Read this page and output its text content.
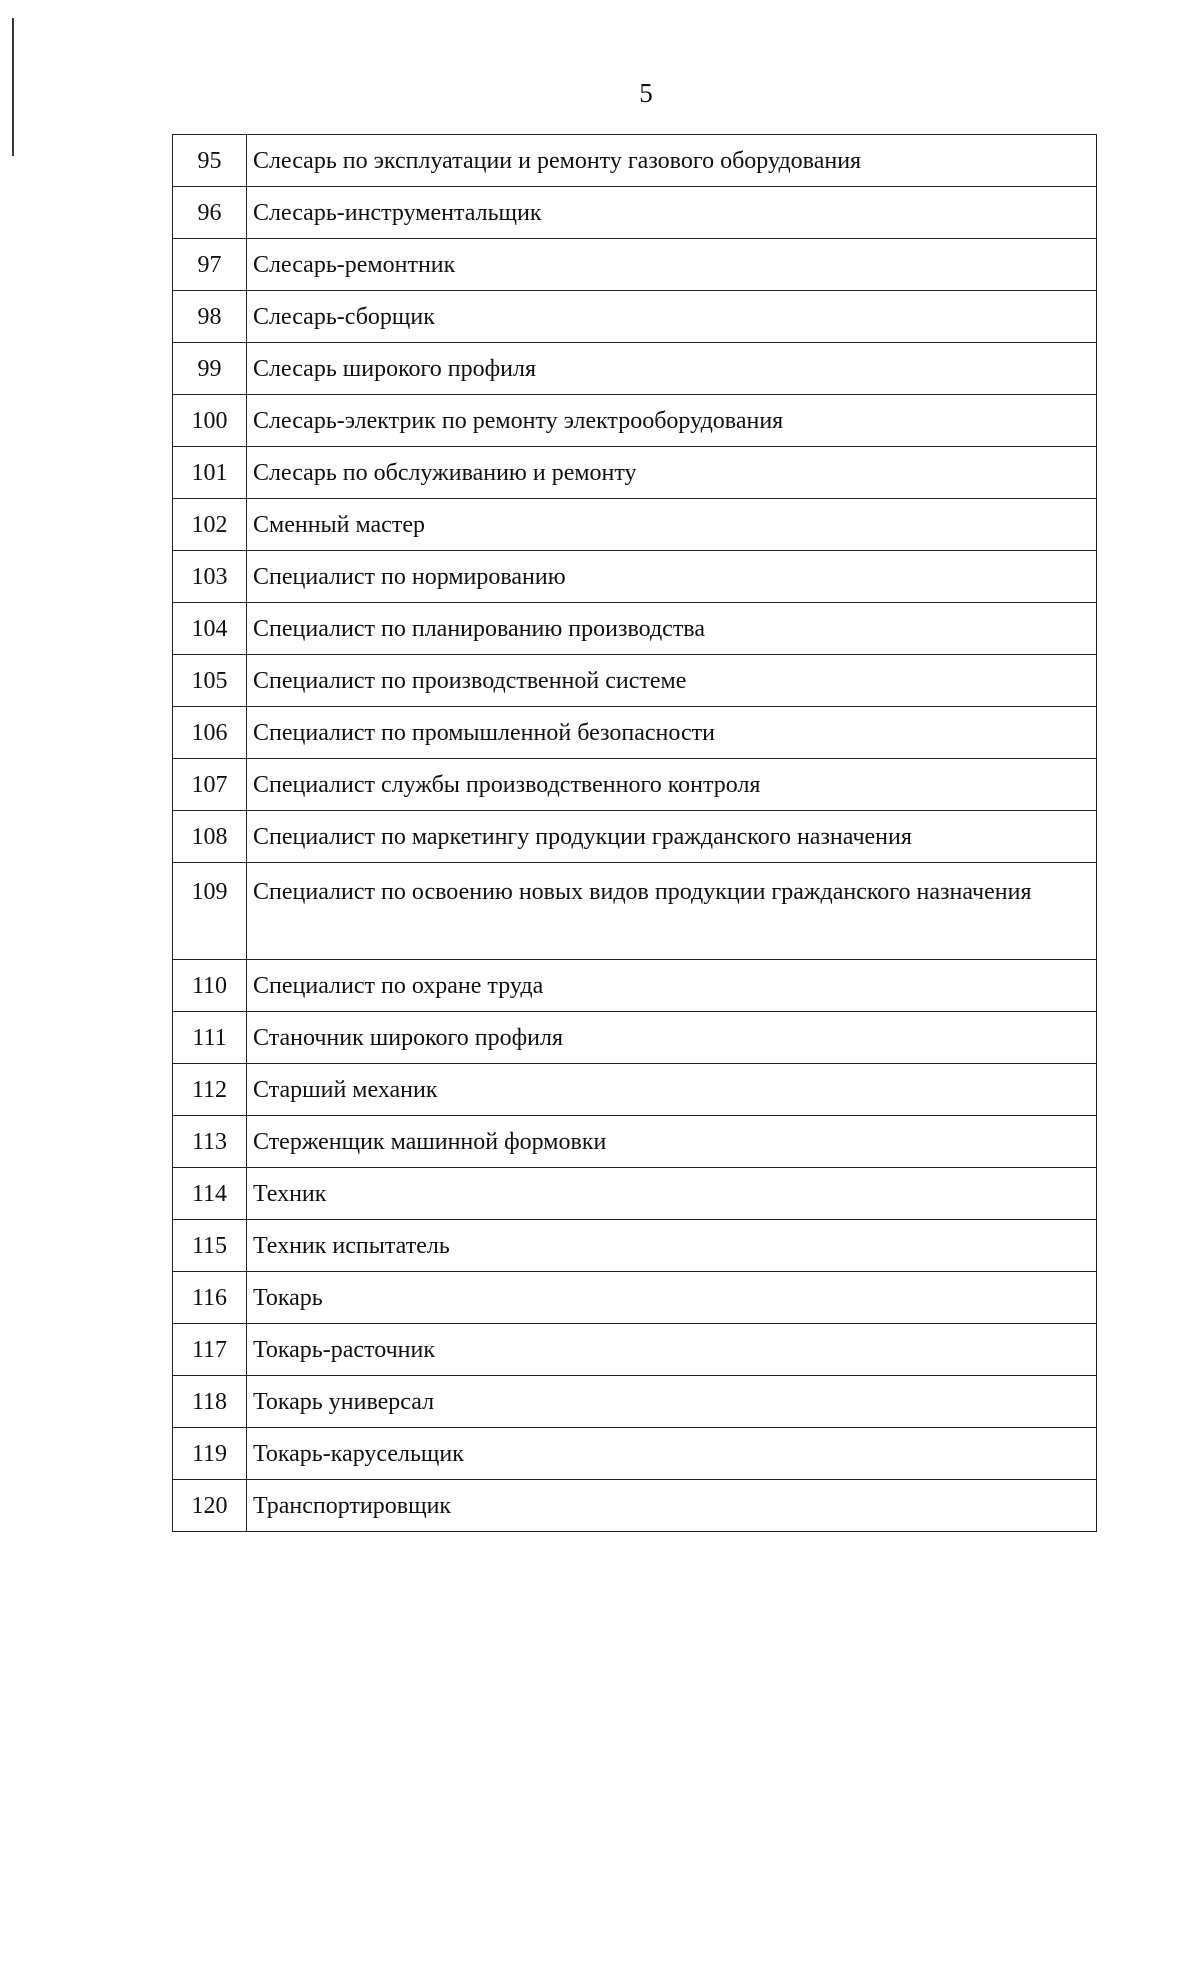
5
95	Слесарь по эксплуатации и ремонту газового оборудования
96	Слесарь-инструментальщик
97	Слесарь-ремонтник
98	Слесарь-сборщик
99	Слесарь широкого профиля
100	Слесарь-электрик по ремонту электрооборудования
101	Слесарь по обслуживанию и ремонту
102	Сменный мастер
103	Специалист по нормированию
104	Специалист по планированию производства
105	Специалист по производственной системе
106	Специалист по промышленной безопасности
107	Специалист службы производственного контроля
108	Специалист по маркетингу продукции гражданского назначения
109	Специалист по освоению новых видов продукции гражданского назначения
110	Специалист по охране труда
111	Станочник широкого профиля
112	Старший механик
113	Стерженщик машинной формовки
114	Техник
115	Техник испытатель
116	Токарь
117	Токарь-расточник
118	Токарь универсал
119	Токарь-карусельщик
120	Транспортировщик
